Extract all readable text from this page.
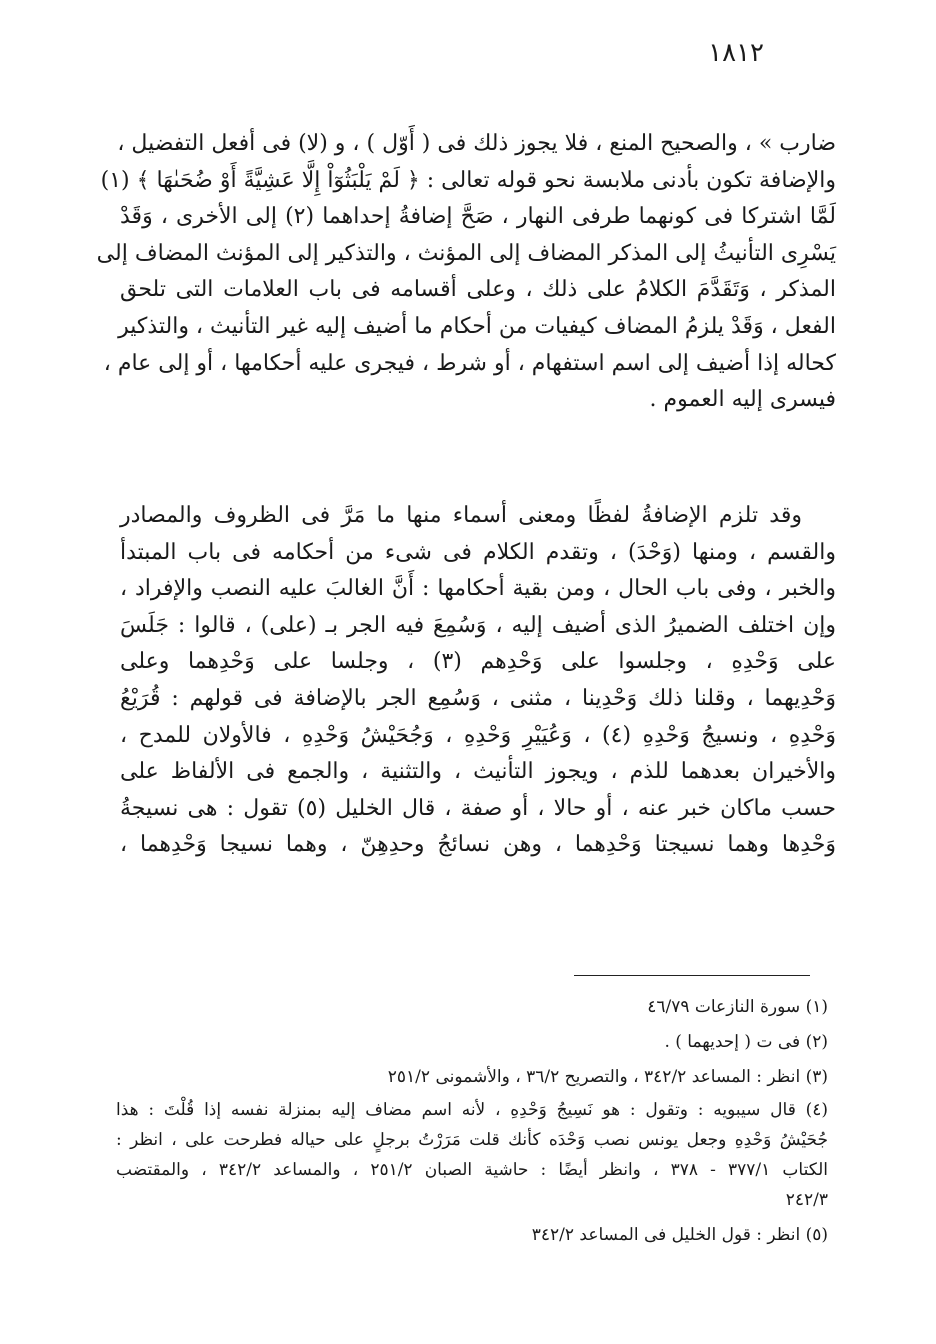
١٨١٢
ضارب » ، والصحيح المنع ، فلا يجوز ذلك فى ( أَوّل ) ، و (لا) فى أفعل التفضيل ،
والإضافة تكون بأدنى ملابسة نحو قوله تعالى : ﴿ لَمْ يَلْبَثُوٓاْ إِلَّا عَشِيَّةً أَوْ ضُحَىٰهَا ﴾ (١)
لَمَّا اشتركا فى كونهما طرفى النهار ، صَحَّ إضافةُ إحداهما (٢) إلى الأخرى ، وَقَدْ
يَسْرِى التأنيثُ إلى المذكر المضاف إلى المؤنث ، والتذكير إلى المؤنث المضاف إلى
المذكر ، وَتَقَدَّمَ الكلامُ على ذلك ، وعلى أقسامه فى باب العلامات التى تلحق
الفعل ، وَقَدْ يلزمُ المضاف كيفيات من أحكام ما أضيف إليه غير التأنيث ، والتذكير
كحاله إذا أضيف إلى اسم استفهام ، أو شرط ، فيجرى عليه أحكامها ، أو إلى عام ،
فيسرى إليه العموم .
وقد تلزم الإضافةُ لفظًا ومعنى أسماء منها ما مَرَّ فى الظروف والمصادر
والقسم ، ومنها (وَحْدَ) ، وتقدم الكلام فى شىء من أحكامه فى باب المبتدأ
والخبر ، وفى باب الحال ، ومن بقية أحكامها : أَنَّ الغالبَ عليه النصب والإفراد ،
وإن اختلف الضميرُ الذى أضيف إليه ، وَسُمِعَ فيه الجر بـ (على) ، قالوا : جَلَسَ
على وَحْدِهِ ، وجلسوا على وَحْدِهم (٣) ، وجلسا على وَحْدِهما وعلى
وَحْدِيهما ، وقلنا ذلك وَحْدِينا ، مثنى ، وَسُمِع الجر بالإضافة فى قولهم : قُرَيْعُ
وَحْدِهِ ، ونسيجُ وَحْدِهِ (٤) ، وَعُيَيْرِ وَحْدِهِ ، وَجُحَيْشُ وَحْدِهِ ، فالأولان للمدح ،
والأخيران بعدهما للذم ، ويجوز التأنيث ، والتثنية ، والجمع فى الألفاظ على
حسب ماكان خبر عنه ، أو حالا ، أو صفة ، قال الخليل (٥) تقول : هى نسيجةُ
وَحْدِها وهما نسيجتا وَحْدِهما ، وهن نسائجُ وحدِهِنّ ، وهما نسيجا وَحْدِهما ،
(١) سورة النازعات ٤٦/٧٩
(٢) فى ت ( إحديهما ) .
(٣) انظر : المساعد ٣٤٢/٢ ، والتصريح ٣٦/٢ ، والأشمونى ٢٥١/٢
(٤) قال سيبويه : وتقول : هو نَسِيجُ وَحْدِهِ ، لأنه اسم مضاف إليه بمنزلة نفسه إذا قُلْتَ : هذا
جُحَيْشُ وَحْدِهِ وجعل يونس نصب وَحْدَه كأنك قلت مَرَرْتُ برجلٍ على حياله فطرحت على ، انظر :
الكتاب ٣٧٧/١ - ٣٧٨ ، وانظر أيضًا : حاشية الصبان ٢٥١/٢ ، والمساعد ٣٤٢/٢ ، والمقتضب
٢٤٢/٣
(٥) انظر : قول الخليل فى المساعد ٣٤٢/٢
